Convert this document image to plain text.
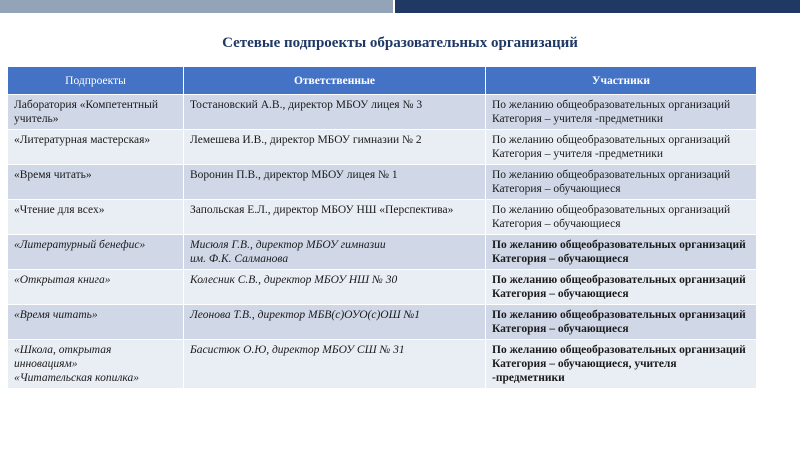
Сетевые подпроекты образовательных организаций
Подпроекты	Ответственные	Участники

Лаборатория «Компетентный
учитель»	Тостановский А.В., директор МБОУ лицея № 3	По желанию общеобразовательных организаций
Категория – учителя -предметники

«Литературная мастерская»	Лемешева И.В., директор МБОУ гимназии № 2	По желанию общеобразовательных организаций
Категория – учителя -предметники

«Время читать»	Воронин П.В., директор МБОУ лицея № 1	По желанию общеобразовательных организаций
Категория – обучающиеся

«Чтение для всех»	Запольская Е.Л., директор МБОУ НШ «Перспектива»	По желанию общеобразовательных организаций
Категория – обучающиеся

«Литературный бенефис»	Мисюля Г.В., директор МБОУ гимназии
им. Ф.К. Салманова	По желанию общеобразовательных организаций
Категория – обучающиеся

«Открытая книга»	Колесник С.В., директор МБОУ НШ № 30	По желанию общеобразовательных организаций
Категория – обучающиеся

«Время читать»	Леонова Т.В., директор МБВ(с)ОУО(с)ОШ №1	По желанию общеобразовательных организаций
Категория – обучающиеся

«Школа, открытая
инновациям»
«Читательская копилка»	Басистюк О.Ю, директор МБОУ СШ № 31	По желанию общеобразовательных организаций
Категория – обучающиеся, учителя -предметники
